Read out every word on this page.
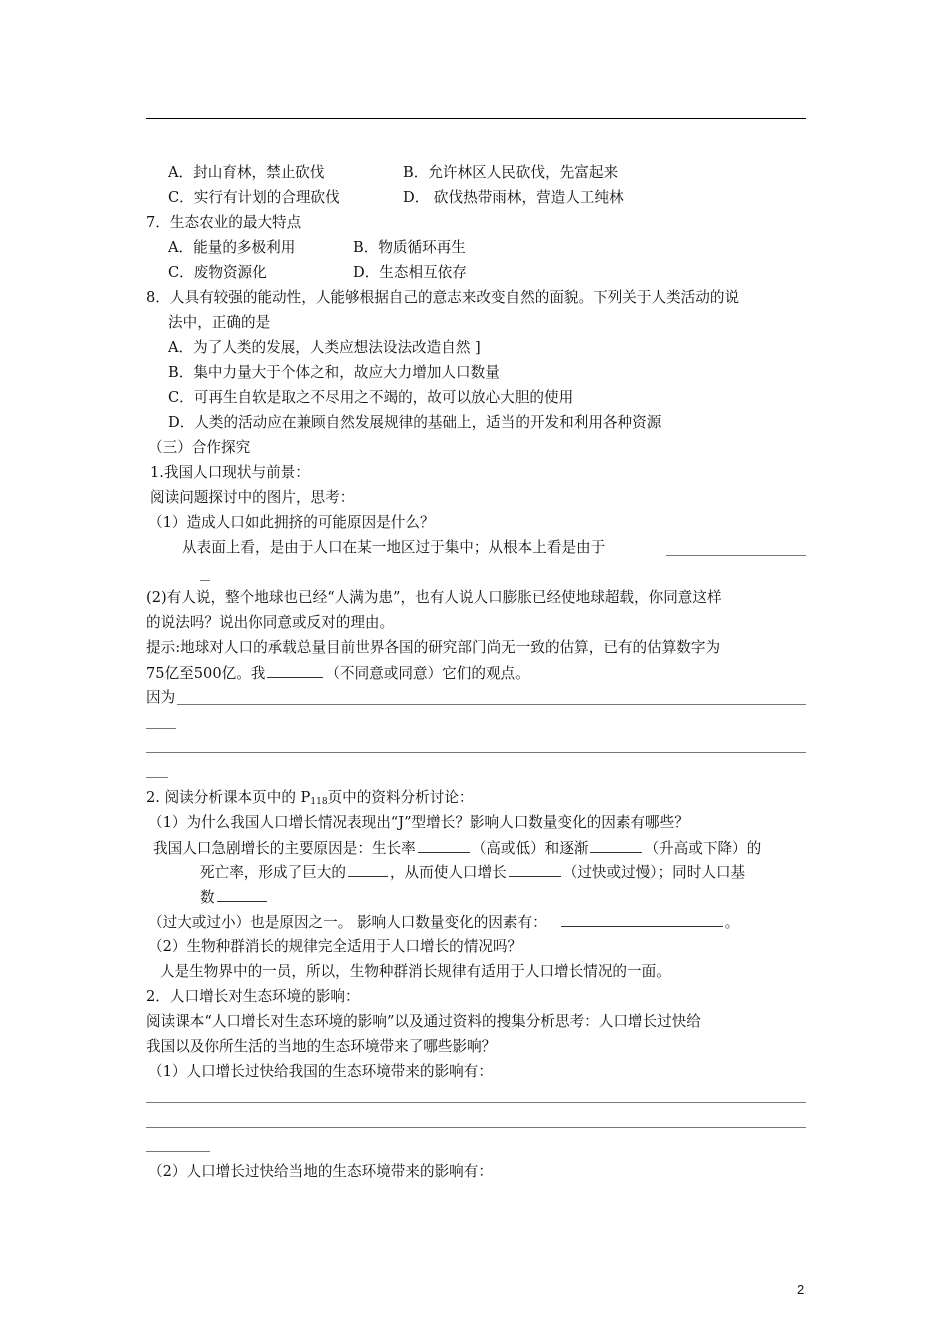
A．封山育林，禁止砍伐	B．允许林区人民砍伐，先富起来
C．实行有计划的合理砍伐	D． 砍伐热带雨林，营造人工纯林
7．生态农业的最大特点
A．能量的多极利用	B．物质循环再生
C．废物资源化	D．生态相互依存
8．人具有较强的能动性，人能够根据自己的意志来改变自然的面貌。下列关于人类活动的说
法中，正确的是
A．为了人类的发展，人类应想法设法改造自然 ]
B．集中力量大于个体之和，故应大力增加人口数量
C．可再生自软是取之不尽用之不竭的，故可以放心大胆的使用
D．人类的活动应在兼顾自然发展规律的基础上，适当的开发和利用各种资源
（三）合作探究
1.我国人口现状与前景：
阅读问题探讨中的图片，思考：
（1）造成人口如此拥挤的可能原因是什么？
从表面上看，是由于人口在某一地区过于集中；从根本上看是由于
(2)有人说，整个地球也已经“人满为患”，也有人说人口膨胀已经使地球超载，你同意这样
的说法吗？说出你同意或反对的理由。
提示:地球对人口的承载总量目前世界各国的研究部门尚无一致的估算，已有的估算数字为
75亿至500亿。我	（不同意或同意）它们的观点。
因为
2. 阅读分析课本页中的 $P_{118}$页中的资料分析讨论：
（1）为什么我国人口增长情况表现出“J”型增长？影响人口数量变化的因素有哪些？
我国人口急剧增长的主要原因是：生长率	（高或低）和逐渐	（升高或下降）的
死亡率，形成了巨大的	，从而使人口增长	（过快或过慢）；同时人口基
数
（过大或过小）也是原因之一。 影响人口数量变化的因素有：	。
（2）生物种群消长的规律完全适用于人口增长的情况吗？
人是生物界中的一员，所以，生物种群消长规律有适用于人口增长情况的一面。
2．人口增长对生态环境的影响：
阅读课本“人口增长对生态环境的影响”以及通过资料的搜集分析思考：人口增长过快给
我国以及你所生活的当地的生态环境带来了哪些影响？
（1）人口增长过快给我国的生态环境带来的影响有：
（2）人口增长过快给当地的生态环境带来的影响有：
2
